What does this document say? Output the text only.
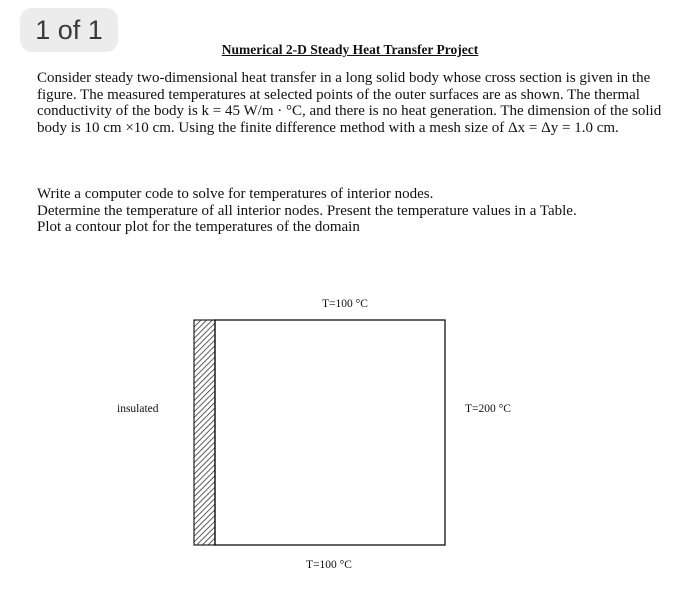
1 of 1
Numerical 2-D Steady Heat Transfer Project

Consider steady two-dimensional heat transfer in a long solid body whose cross section is given in the figure. The measured temperatures at selected points of the outer surfaces are as shown. The thermal conductivity of the body is k = 45 W/m · °C, and there is no heat generation. The dimension of the solid body is 10 cm ×10 cm. Using the finite difference method with a mesh size of Δx = Δy = 1.0 cm.

Write a computer code to solve for temperatures of interior nodes.
Determine the temperature of all interior nodes. Present the temperature values in a Table.
Plot a contour plot for the temperatures of the domain
T=100 °C
T=100 °C
insulated	T=200 °C
